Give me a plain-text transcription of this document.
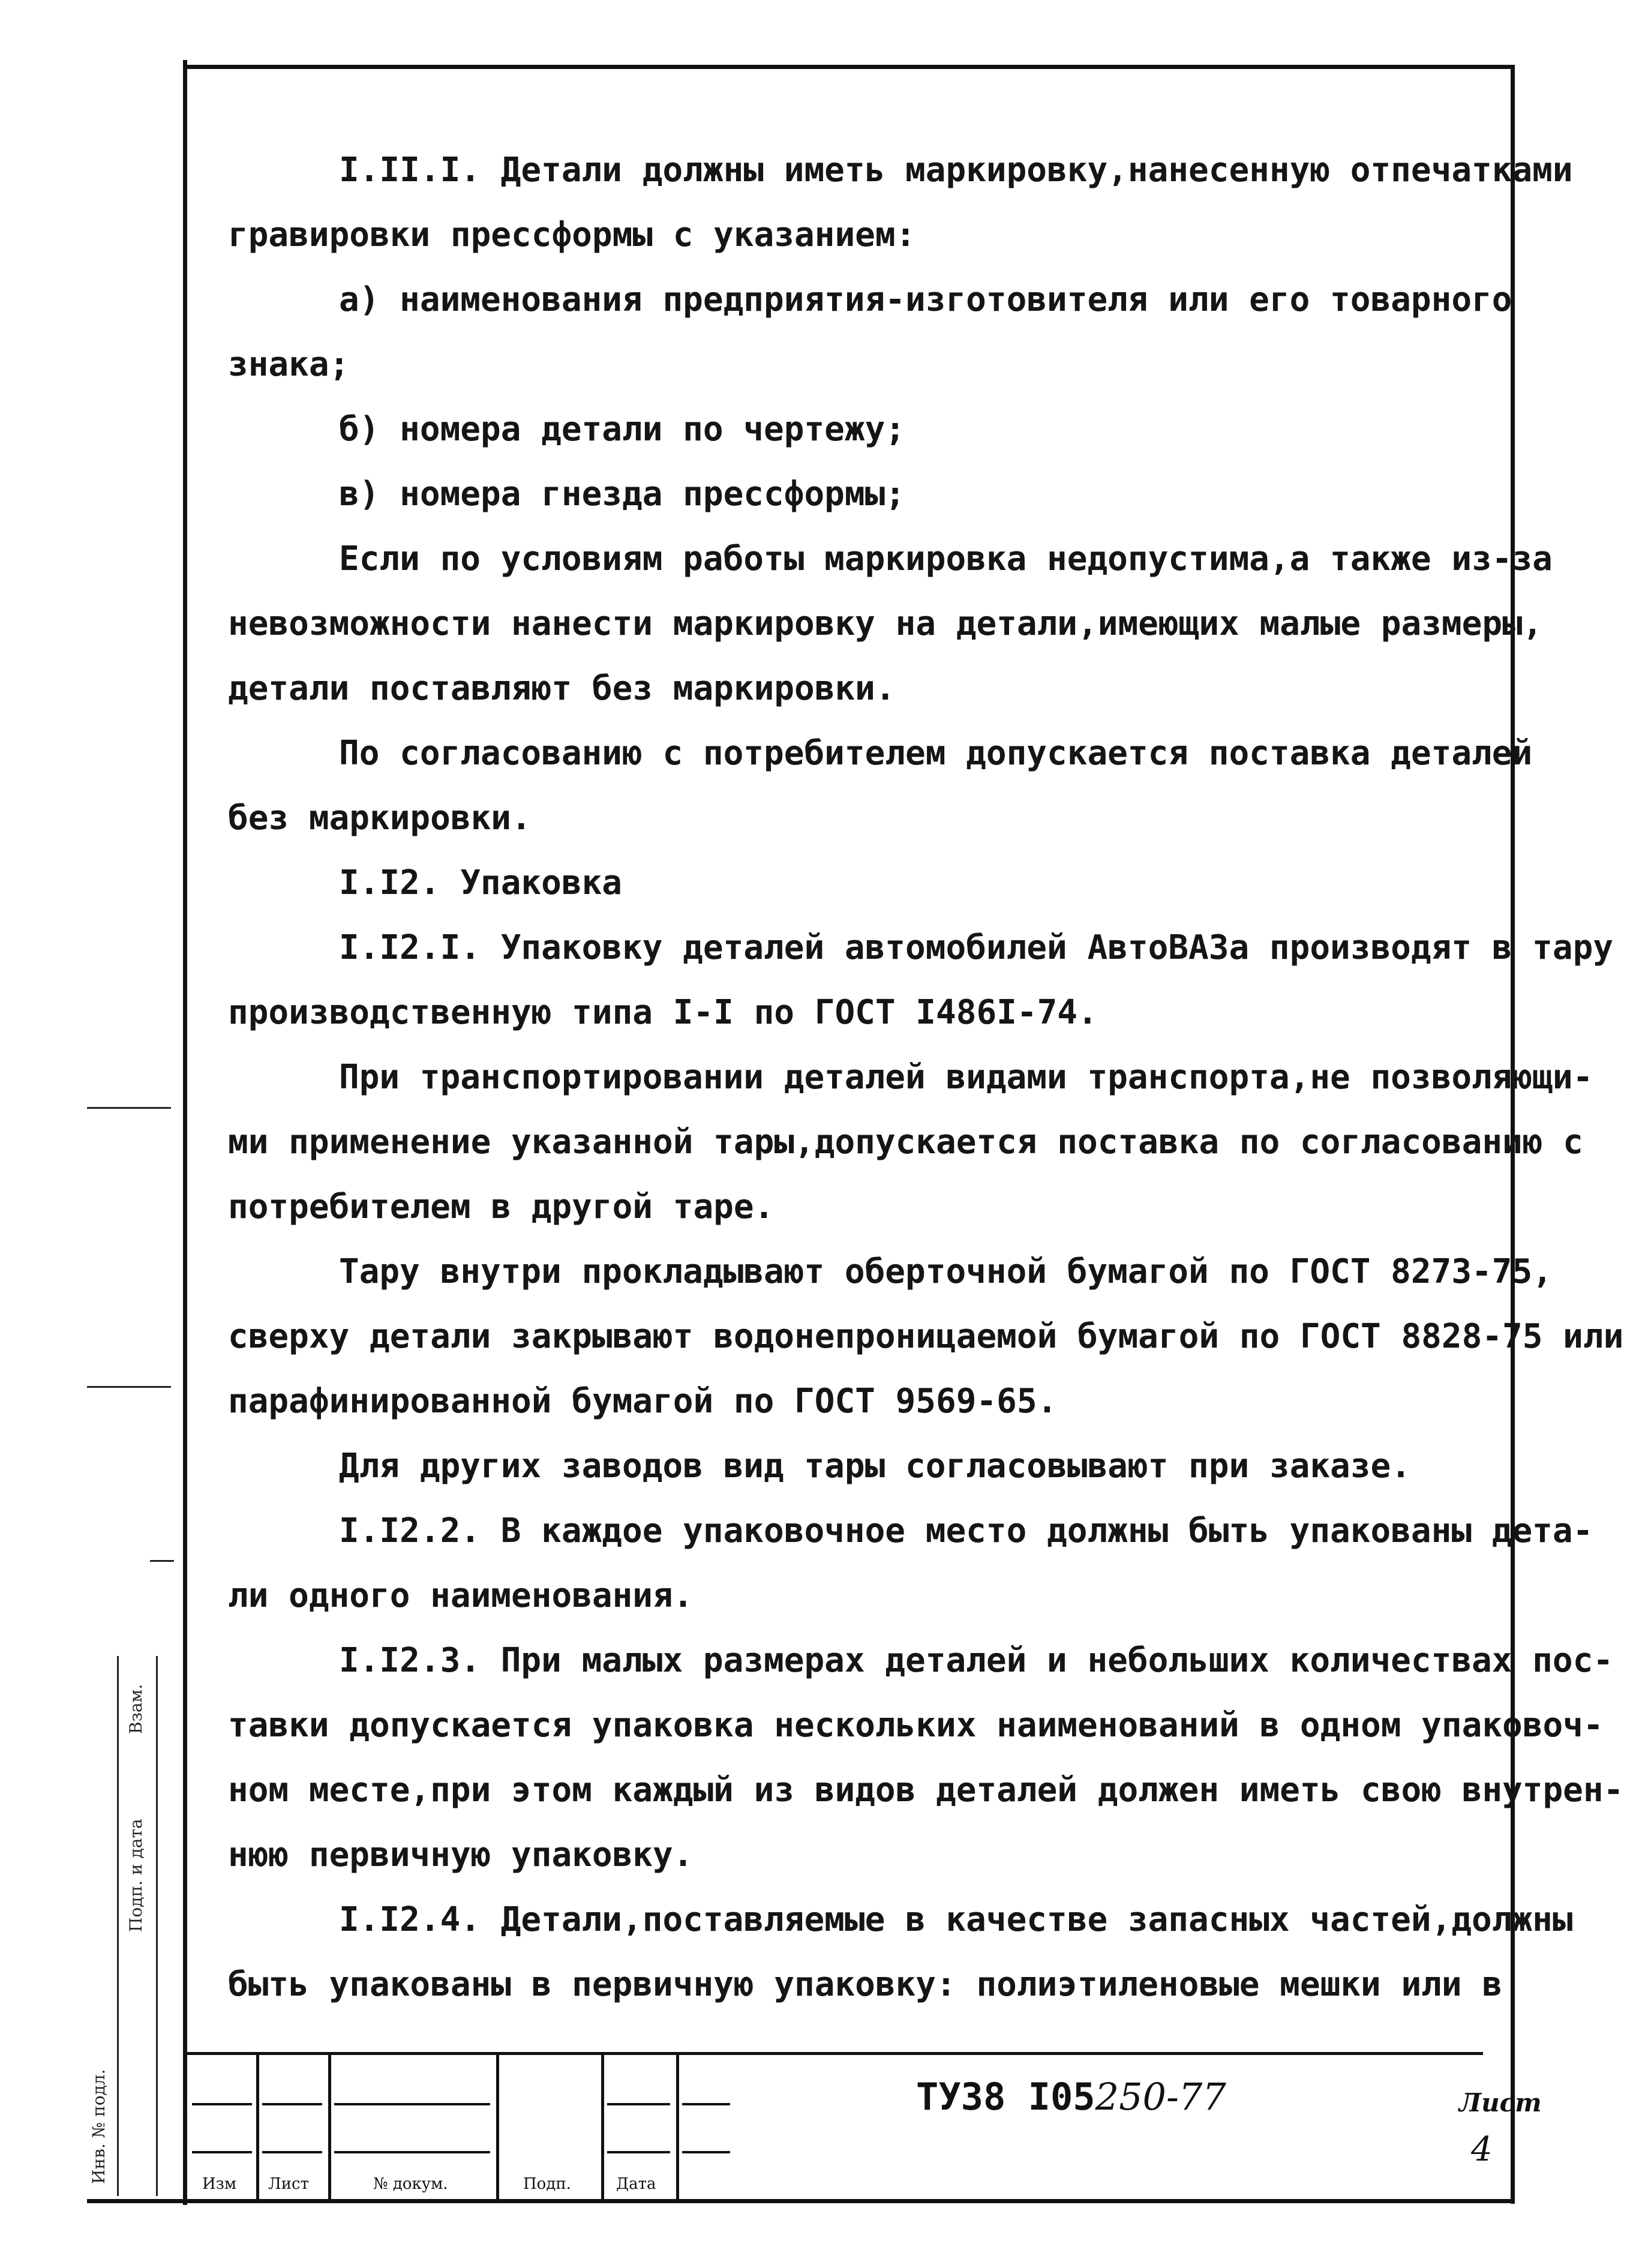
I.II.I. Детали должны иметь маркировку,нанесенную отпечатками

гравировки прессформы с указанием:

а) наименования предприятия-изготовителя или его товарного

знака;

б) номера детали по чертежу;

в) номера гнезда прессформы;

Если по условиям работы маркировка недопустима,а также из-за

невозможности нанести маркировку на детали,имеющих малые размеры,

детали поставляют без маркировки.

По согласованию с потребителем допускается поставка деталей

без маркировки.

I.I2. Упаковка

I.I2.I. Упаковку деталей автомобилей АвтоВАЗа производят в тару

производственную типа I-I по ГОСТ I486I-74.

При транспортировании деталей видами транспорта,не позволяющи-

ми применение указанной тары,допускается поставка по согласованию с

потребителем в другой таре.

Тару внутри прокладывают оберточной бумагой по ГОСТ 8273-75,

сверху детали закрывают водонепроницаемой бумагой по ГОСТ 8828-75 или

парафинированной бумагой по ГОСТ 9569-65.

Для других заводов вид тары согласовывают при заказе.

I.I2.2. В каждое упаковочное место должны быть упакованы дета-

ли одного наименования.

I.I2.3. При малых размерах деталей и небольших количествах пос-

тавки допускается упаковка нескольких наименований в одном упаковоч-

ном месте,при этом каждый из видов деталей должен иметь свою внутрен-

нюю первичную упаковку.

I.I2.4. Детали,поставляемые в качестве запасных частей,должны

быть упакованы в первичную упаковку: полиэтиленовые мешки или в

Инв. № подл.
Подп. и дата
Взам.
Изм Лист	№ докум.	Подп.	Дата
ТУ38 I05250-77	Лист
4
